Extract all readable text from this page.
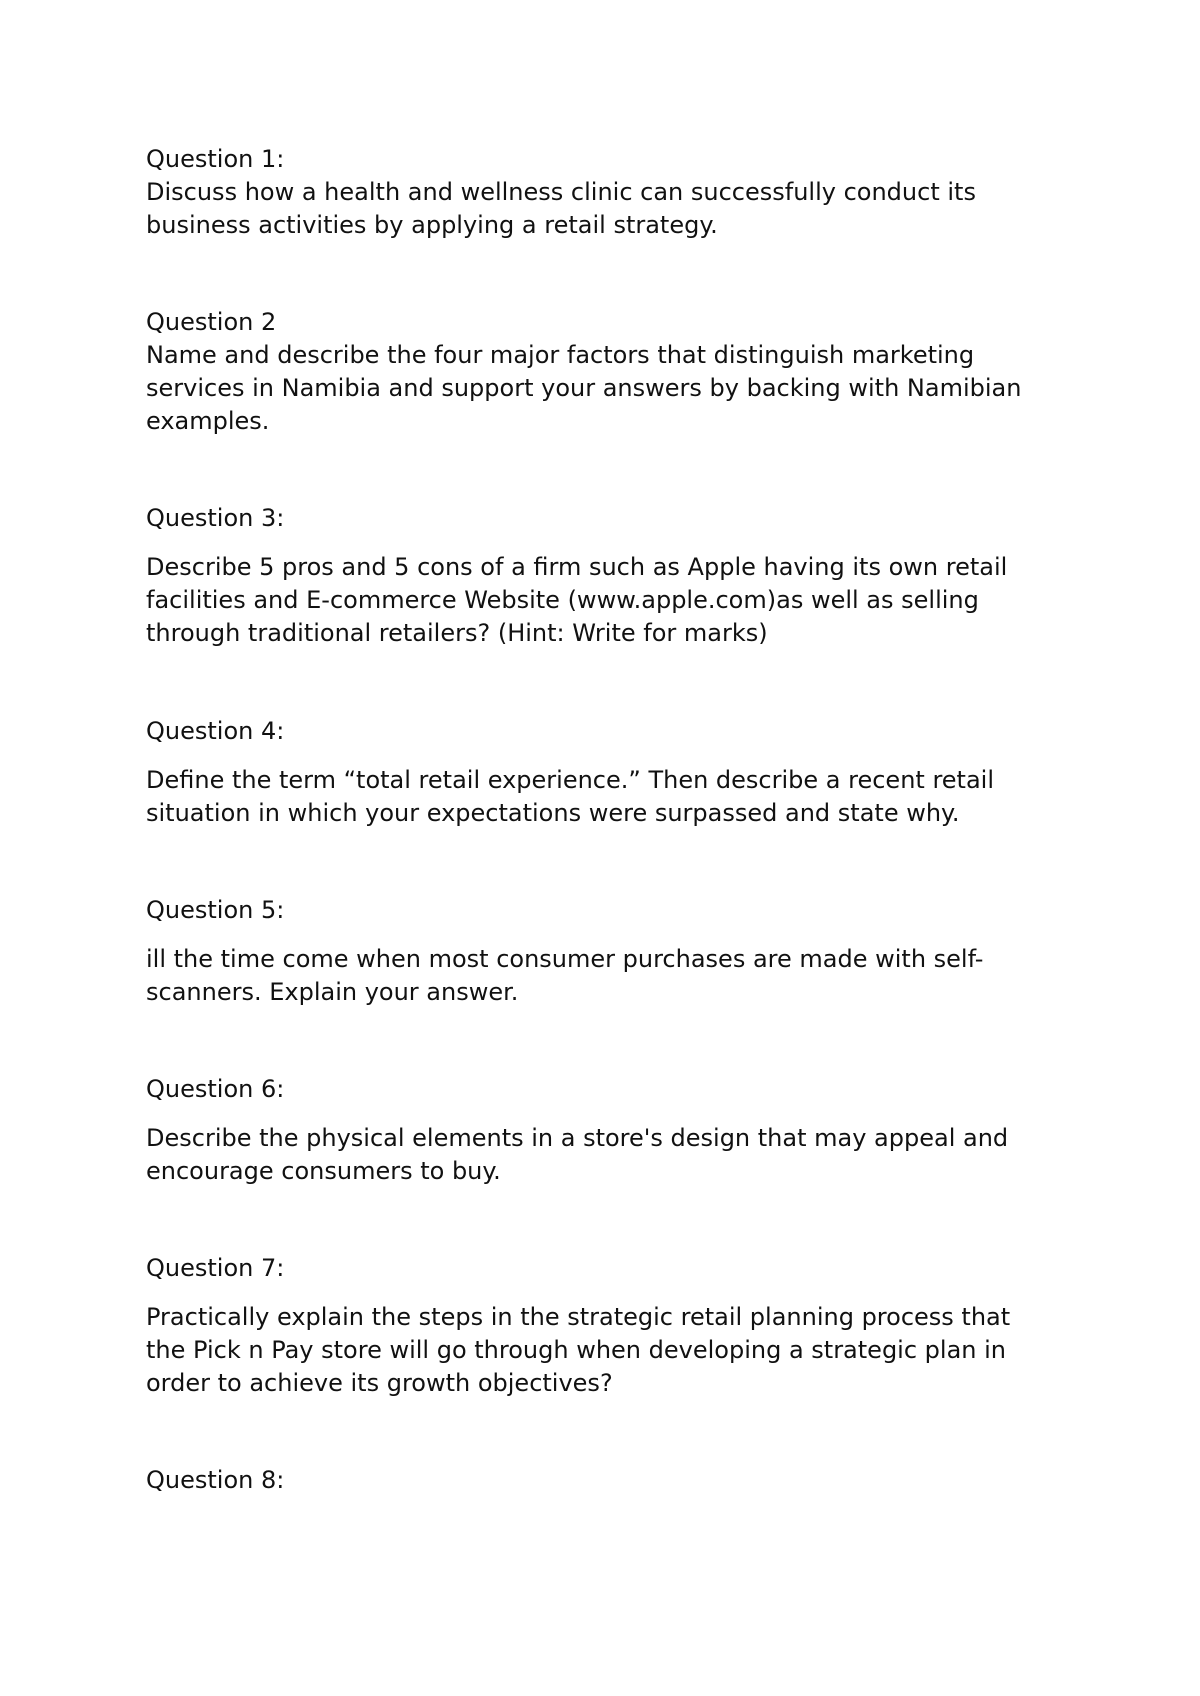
Question 1:
Discuss how a health and wellness clinic can successfully conduct its
business activities by applying a retail strategy.
Question 2
Name and describe the four major factors that distinguish marketing
services in Namibia and support your answers by backing with Namibian
examples.
Question 3:
Describe 5 pros and 5 cons of a firm such as Apple having its own retail
facilities and E-commerce Website (www.apple.com)as well as selling
through traditional retailers? (Hint: Write for marks)
Question 4:
Define the term “total retail experience.” Then describe a recent retail
situation in which your expectations were surpassed and state why.
Question 5:
ill the time come when most consumer purchases are made with self-
scanners. Explain your answer.
Question 6:
Describe the physical elements in a store's design that may appeal and
encourage consumers to buy.
Question 7:
Practically explain the steps in the strategic retail planning process that
the Pick n Pay store will go through when developing a strategic plan in
order to achieve its growth objectives?
Question 8:
